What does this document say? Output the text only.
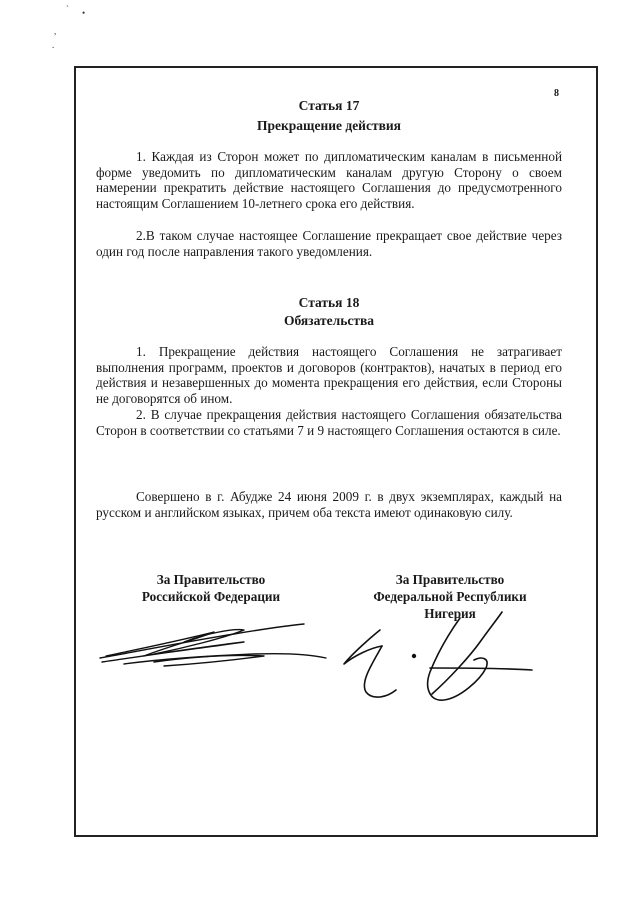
` •
,
.
8
Статья 17
Прекращение действия

1. Каждая из Сторон может по дипломатическим каналам в письменной форме уведомить по дипломатическим каналам другую Сторону о своем намерении прекратить действие настоящего Соглашения до предусмотренного настоящим Соглашением 10-летнего срока его действия.

2.В таком случае настоящее Соглашение прекращает свое действие через один год после направления такого уведомления.

Статья 18
Обязательства

1. Прекращение действия настоящего Соглашения не затрагивает выполнения программ, проектов и договоров (контрактов), начатых в период его действия и незавершенных до момента прекращения его действия, если Стороны не договорятся об ином.

2. В случае прекращения действия настоящего Соглашения обязательства Сторон в соответствии со статьями 7 и 9 настоящего Соглашения остаются в силе.

Совершено в г. Абудже 24 июня 2009 г. в двух экземплярах, каждый на русском и английском языках, причем оба текста имеют одинаковую силу.

За Правительство
Российской Федерации
За Правительство
Федеральной Республики
Нигерия
